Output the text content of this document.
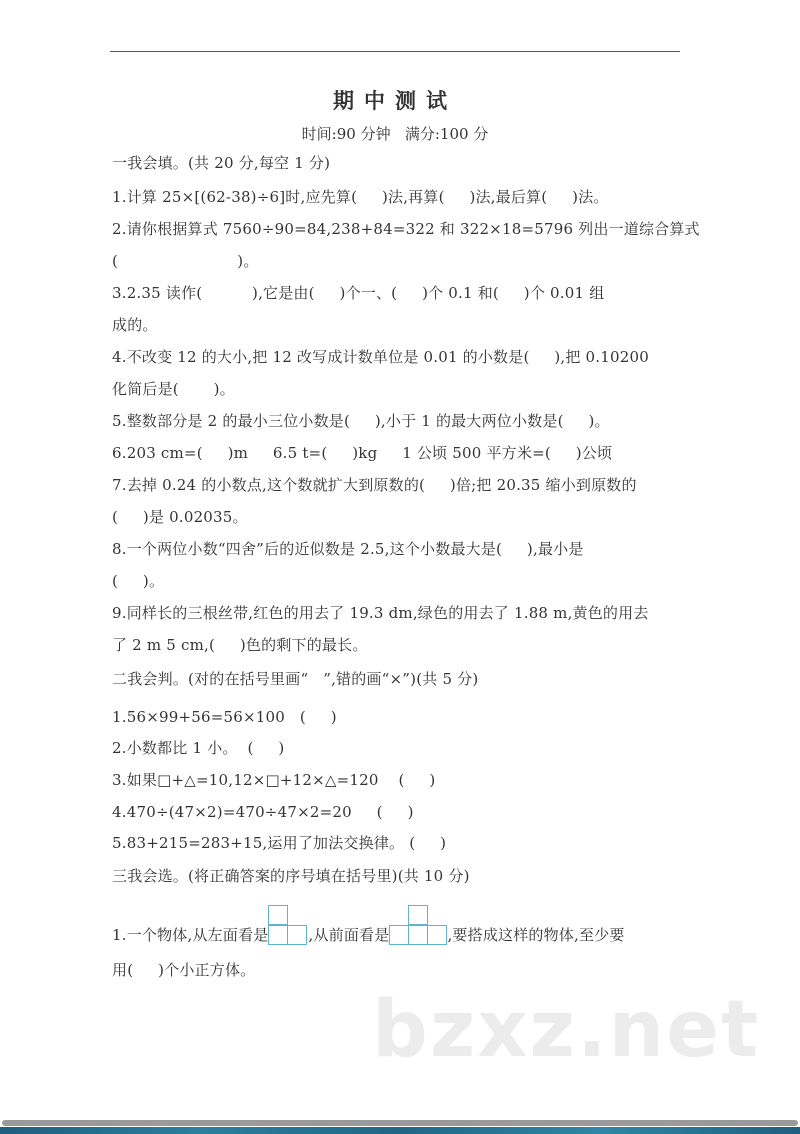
期中测试
时间:90 分钟   满分:100 分
一我会填。(共 20 分,每空 1 分)
1.计算 25×[(62-38)÷6]时,应先算(     )法,再算(     )法,最后算(     )法。
2.请你根据算式 7560÷90=84,238+84=322 和 322×18=5796 列出一道综合算式
(                        )。
3.2.35 读作(          ),它是由(     )个一、(     )个 0.1 和(     )个 0.01 组
成的。
4.不改变 12 的大小,把 12 改写成计数单位是 0.01 的小数是(     ),把 0.10200
化简后是(       )。
5.整数部分是 2 的最小三位小数是(     ),小于 1 的最大两位小数是(     )。
6.203 cm=(     )m     6.5 t=(     )kg     1 公顷 500 平方米=(     )公顷
7.去掉 0.24 的小数点,这个数就扩大到原数的(     )倍;把 20.35 缩小到原数的
(     )是 0.02035。
8.一个两位小数“四舍”后的近似数是 2.5,这个小数最大是(     ),最小是
(     )。
9.同样长的三根丝带,红色的用去了 19.3 dm,绿色的用去了 1.88 m,黄色的用去
了 2 m 5 cm,(     )色的剩下的最长。
二我会判。(对的在括号里画“   ”,错的画“×”)(共 5 分)
1.56×99+56=56×100   (     )
2.小数都比 1 小。  (     )
3.如果□+△=10,12×□+12×△=120    (     )
4.470÷(47×2)=470÷47×2=20     (     )
5.83+215=283+15,运用了加法交换律。 (     )
三我会选。(将正确答案的序号填在括号里)(共 10 分)
1.一个物体,从左面看是	,从前面看是	,要搭成这样的物体,至少要
用(     )个小正方体。
bzxz.net
